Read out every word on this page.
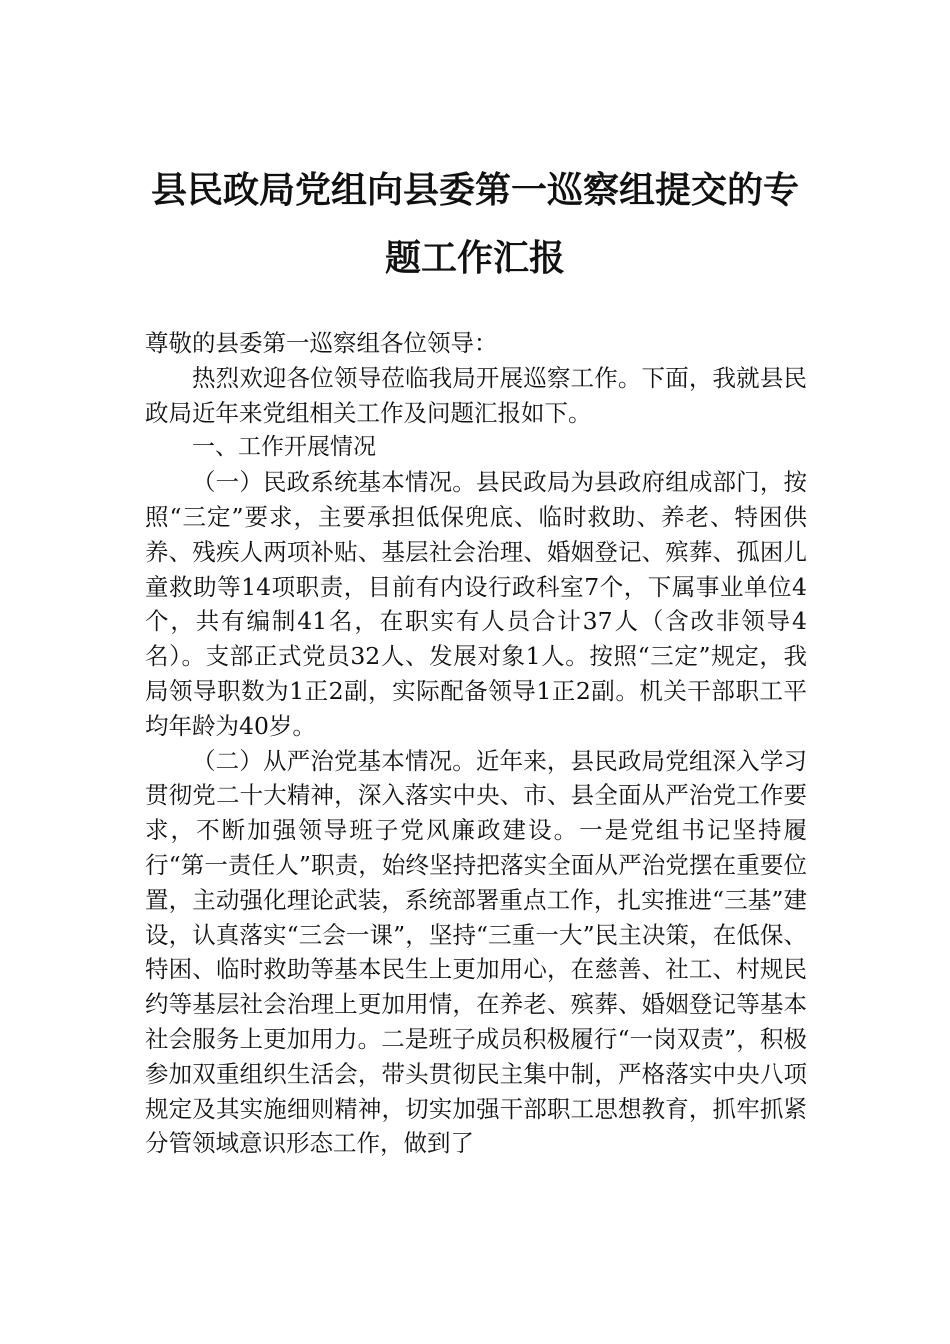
县民政局党组向县委第一巡察组提交的专
题工作汇报

尊敬的县委第一巡察组各位领导：

热烈欢迎各位领导莅临我局开展巡察工作。下面，我就县民政局近年来党组相关工作及问题汇报如下。

一、工作开展情况

（一）民政系统基本情况。县民政局为县政府组成部门，按照“三定”要求，主要承担低保兜底、临时救助、养老、特困供养、残疾人两项补贴、基层社会治理、婚姻登记、殡葬、孤困儿童救助等14项职责，目前有内设行政科室7个，下属事业单位4个，共有编制41名，在职实有人员合计37人（含改非领导4名）。支部正式党员32人、发展对象1人。按照“三定”规定，我局领导职数为1正2副，实际配备领导1正2副。机关干部职工平均年龄为40岁。

（二）从严治党基本情况。近年来，县民政局党组深入学习贯彻党二十大精神，深入落实中央、市、县全面从严治党工作要求，不断加强领导班子党风廉政建设。一是党组书记坚持履行“第一责任人”职责，始终坚持把落实全面从严治党摆在重要位置，主动强化理论武装，系统部署重点工作，扎实推进“三基”建设，认真落实“三会一课”，坚持“三重一大”民主决策，在低保、特困、临时救助等基本民生上更加用心，在慈善、社工、村规民约等基层社会治理上更加用情，在养老、殡葬、婚姻登记等基本社会服务上更加用力。二是班子成员积极履行“一岗双责”，积极参加双重组织生活会，带头贯彻民主集中制，严格落实中央八项规定及其实施细则精神，切实加强干部职工思想教育，抓牢抓紧分管领域意识形态工作，做到了
